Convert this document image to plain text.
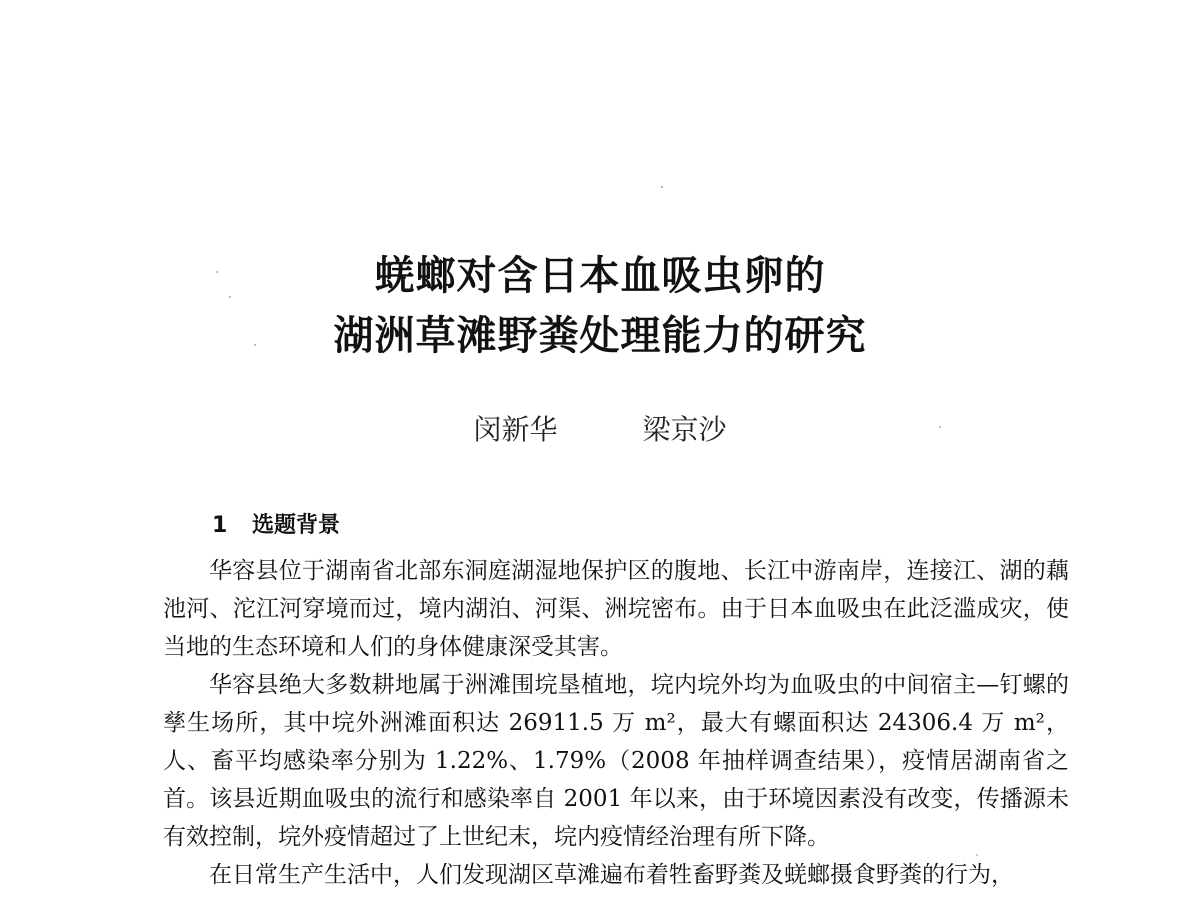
蜣螂对含日本血吸虫卵的
湖洲草滩野粪处理能力的研究
闵新华	梁京沙
1 选题背景

华容县位于湖南省北部东洞庭湖湿地保护区的腹地、长江中游南岸，连接江、湖的藕池河、沱江河穿境而过，境内湖泊、河渠、洲垸密布。由于日本血吸虫在此泛滥成灾，使当地的生态环境和人们的身体健康深受其害。

华容县绝大多数耕地属于洲滩围垸垦植地，垸内垸外均为血吸虫的中间宿主—钉螺的孳生场所，其中垸外洲滩面积达 26911.5 万 m²，最大有螺面积达 24306.4 万 m²，人、畜平均感染率分别为 1.22%、1.79%（2008 年抽样调查结果），疫情居湖南省之首。该县近期血吸虫的流行和感染率自 2001 年以来，由于环境因素没有改变，传播源未有效控制，垸外疫情超过了上世纪末，垸内疫情经治理有所下降。

在日常生产生活中，人们发现湖区草滩遍布着牲畜野粪及蜣螂摄食野粪的行为，
